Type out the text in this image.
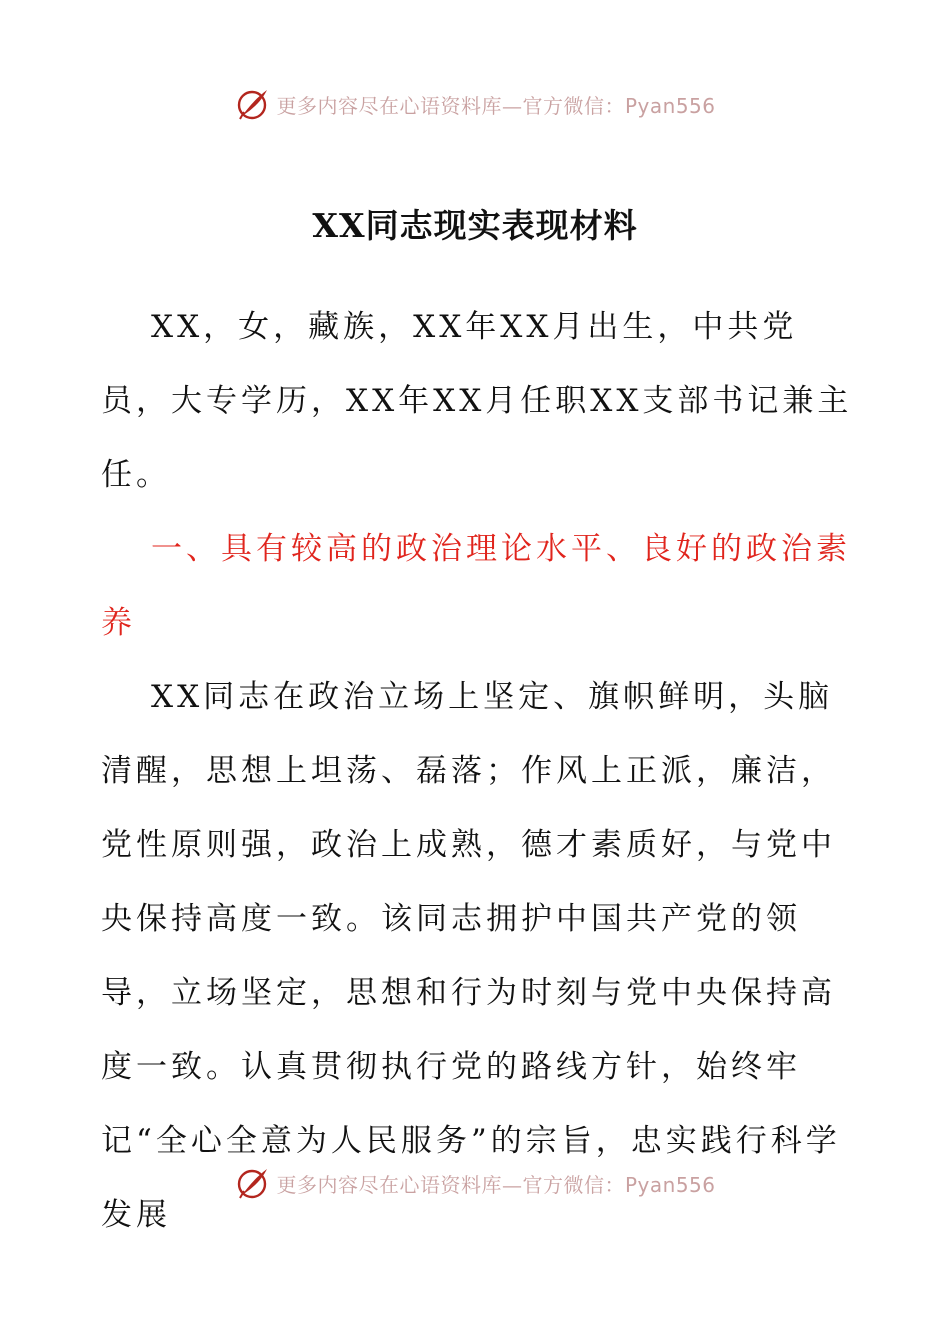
更多内容尽在心语资料库—官方微信：Pyan556
XX同志现实表现材料

XX，女，藏族，XX年XX月出生，中共党员，大专学历，XX年XX月任职XX支部书记兼主任。

一、具有较高的政治理论水平、良好的政治素养

XX同志在政治立场上坚定、旗帜鲜明，头脑清醒，思想上坦荡、磊落；作风上正派，廉洁，党性原则强，政治上成熟，德才素质好，与党中央保持高度一致。该同志拥护中国共产党的领导，立场坚定，思想和行为时刻与党中央保持高度一致。认真贯彻执行党的路线方针，始终牢记“全心全意为人民服务”的宗旨，忠实践行科学发展

更多内容尽在心语资料库—官方微信：Pyan556
